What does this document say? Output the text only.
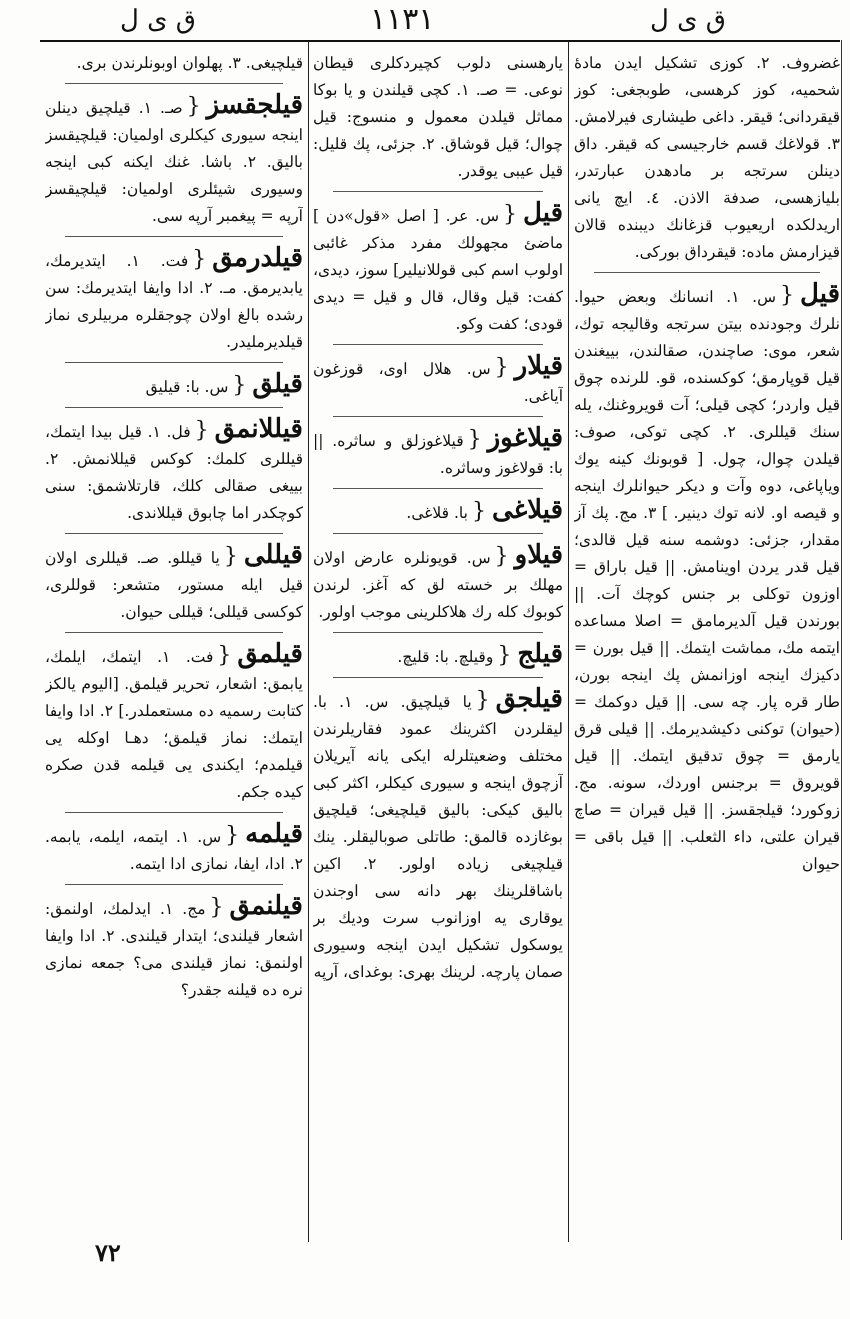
ق ى ل	١١٣١	ق ى ل
غضروف. ٢. كوزى تشكيل ايدن مادهٔ شحميه، كوز كرهسى، طوبجغى: كوز قيقردانى؛ قيقر. داغى طيشارى فيرلامش. ٣. قولاغك قسم خارجيسى كه قيقر. داق دينلن سرتجه بر مادهدن عبارتدر، بليازهسى، صدفة الاذن. ٤. ايچ يانى اريدلكده اريعيوب قزغانك ديبنده قالان قيزارمش ماده: قيقرداق بوركى.
قيل{س. ١. انسانك وبعض حيوا. نلرك وجودنده بيتن سرتجه وقاليجه توك، شعر، موى: صاچندن، صقالندن، بييغندن قيل قوپارمق؛ كوكسنده، قو. للرنده چوق قيل واردر؛ كچى قيلى؛ آت قويروغنك، يله سنك قيللرى. ٢. كچى توكى، صوف: قيلدن چوال، چول. [ قوبونك كينه يوك وياپاغى، دوه وآت و ديكر حيوانلرك اينجه و قيصه او. لانه توك دينير. ] ٣. مج. پك آز مقدار، جزئى: دوشمه سنه قيل قالدى؛ قيل قدر يردن اوينامش. || قيل باراق = اوزون توكلى بر جنس كوچك آت. || بورندن قيل آلديرمامق = اصلا مساعده ايتمه مك، مماشت ايتمك. || قيل بورن = دكيزك اينجه اوزانمش پك اينجه بورن، طار قره پار. چه سى. || قيل دوكمك = (حيوان) توكنى دكيشديرمك. || قيلى قرق يارمق = چوق تدقيق ايتمك. || قيل قويروق = برجنس اوردك، سونه. مج. زوكورد؛ قيلجقسز. || قيل قيران = صاچ قيران علتى، داء الثعلب. || قيل باقى = حيوان
يارهسنى دلوب كچيردكلرى قيطان نوعى. = صـ. ١. كچى قيلندن و يا بوكا مماثل قيلدن معمول و منسوج: قيل چوال؛ قيل قوشاق. ٢. جزئى، پك قليل: قيل عيبى يوقدر.
قيل{س. عر. [ اصل «قول»دن ] ماضئ مجهولك مفرد مذكر غائبى اولوب اسم كبى قوللانيلير] سوز، ديدى، كفت: قيل وقال، قال و قيل = ديدى قودى؛ كفت وكو.
قيلار{س. هلال اوى، قوزغون آياغى.
قيلاغوز{قيلاغوزلق و ساثره. || با: قولاغوز وساثره.
قيلاغى{با. قلاغى.
قيلاو{س. قويونلره عارض اولان مهلك بر خسته لق كه آغز. لرندن كوبوك كله رك هلاكلرينى موجب اولور.
قيلج{وقيلچ. با: قليچ.
قيلجق{يا قيلچيق. س. ١. با. ليقلردن اكثرينك عمود فقاريلرندن مختلف وضعيتلرله ايكى يانه آيريلان آزچوق اينجه و سيورى كيكلر، اكثر كبى باليق كيكى: باليق قيلچيغى؛ قيلچيق بوغازده قالمق: طاتلى صوباليقلر. ينك قيلچيغى زياده اولور. ٢. اكين باشاقلرينك بهر دانه سى اوجندن يوقارى يه اوزانوب سرت وديك بر يوسكول تشكيل ايدن اينجه وسيورى صمان پارچه. لرينك بهرى: بوغداى، آرپه
قيلچيغى. ٣. پهلوان اوبونلرندن برى.
قيلجقسز{صـ. ١. قيلچيق دينلن اينجه سيورى كيكلرى اولميان: قيلچيقسز باليق. ٢. باشا. غنك ايكنه كبى اينجه وسيورى شيئلرى اولميان: قيلچيقسز آرپه = پيغمبر آرپه سى.
قيلدرمق{فت. ١. ايتديرمك، يابديرمق. مـ. ٢. ادا وايفا ايتديرمك: سن رشده بالغ اولان چوجقلره مربيلرى نماز قيلديرمليدر.
قيلق{س. با: قيليق
قيللانمق{فل. ١. قيل بيدا ايتمك، قيللرى كلمك: كوكس قيللانمش. ٢. بييغى صقالى كلك، قارتلاشمق: سنى كوچكدر اما چابوق قيللاندى.
قيللى{يا قيللو. صـ. قيللرى اولان قيل ايله مستور، متشعر: قوللرى، كوكسى قيللى؛ قيللى حيوان.
قيلمق{فت. ١. ايتمك، ايلمك، يابمق: اشعار، تحرير قيلمق. [اليوم يالكز كتابت رسميه ده مستعملدر.] ٢. ادا وايفا ايتمك: نماز قيلمق؛ دهـا اوكله يى قيلمدم؛ ايكندى يى قيلمه قدن صكره كيده جكم.
قيلمه{س. ١. ايتمه، ايلمه، يابمه. ٢. ادا، ايفا، نمازى ادا ايتمه.
قيلنمق{مج. ١. ايدلمك، اولنمق: اشعار قيلندى؛ ايتدار قيلندى. ٢. ادا وايفا اولنمق: نماز قيلندى مى؟ جمعه نمازى نره ده قيلنه جقدر؟
٧٢
